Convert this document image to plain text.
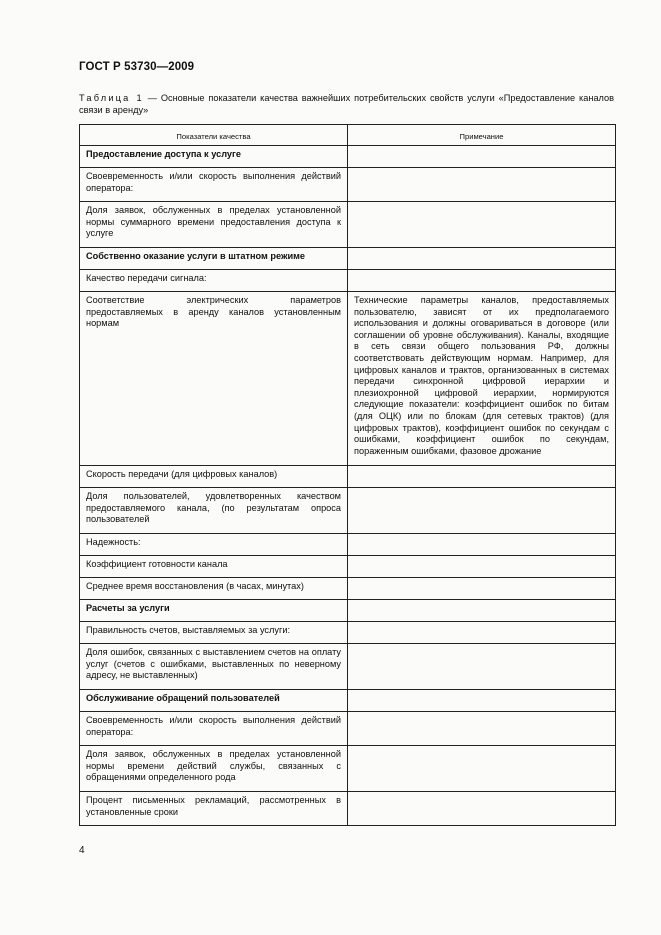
ГОСТ Р 53730—2009
Таблица 1 — Основные показатели качества важнейших потребительских свойств услуги «Предоставление каналов связи в аренду»
Показатели качества	Примечание
Предоставление доступа к услуге	
Своевременность и/или скорость выполнения действий оператора:	
Доля заявок, обслуженных в пределах установленной нормы суммарного времени предоставления доступа к услуге	
Собственно оказание услуги в штатном режиме	
Качество передачи сигнала:	
Соответствие электрических параметров предоставляемых в аренду каналов установленным нормам	Технические параметры каналов, предоставляемых пользователю, зависят от их предполагаемого использования и должны оговариваться в договоре (или соглашении об уровне обслуживания). Каналы, входящие в сеть связи общего пользования РФ, должны соответствовать действующим нормам. Например, для цифровых каналов и трактов, организованных в системах передачи синхронной цифровой иерархии и плезиохронной цифровой иерархии, нормируются следующие показатели: коэффициент ошибок по битам (для ОЦК) или по блокам (для сетевых трактов) (для цифровых трактов), коэффициент ошибок по секундам с ошибками, коэффициент ошибок по секундам, пораженным ошибками, фазовое дрожание
Скорость передачи (для цифровых каналов)	
Доля пользователей, удовлетворенных качеством предоставляемого канала, (по результатам опроса пользователей	
Надежность:	
Коэффициент готовности канала	
Среднее время восстановления (в часах, минутах)	
Расчеты за услуги	
Правильность счетов, выставляемых за услуги:	
Доля ошибок, связанных с выставлением счетов на оплату услуг (счетов с ошибками, выставленных по неверному адресу, не выставленных)	
Обслуживание обращений пользователей	
Своевременность и/или скорость выполнения действий оператора:	
Доля заявок, обслуженных в пределах установленной нормы времени действий службы, связанных с обращениями определенного рода	
Процент письменных рекламаций, рассмотренных в установленные сроки	
4
